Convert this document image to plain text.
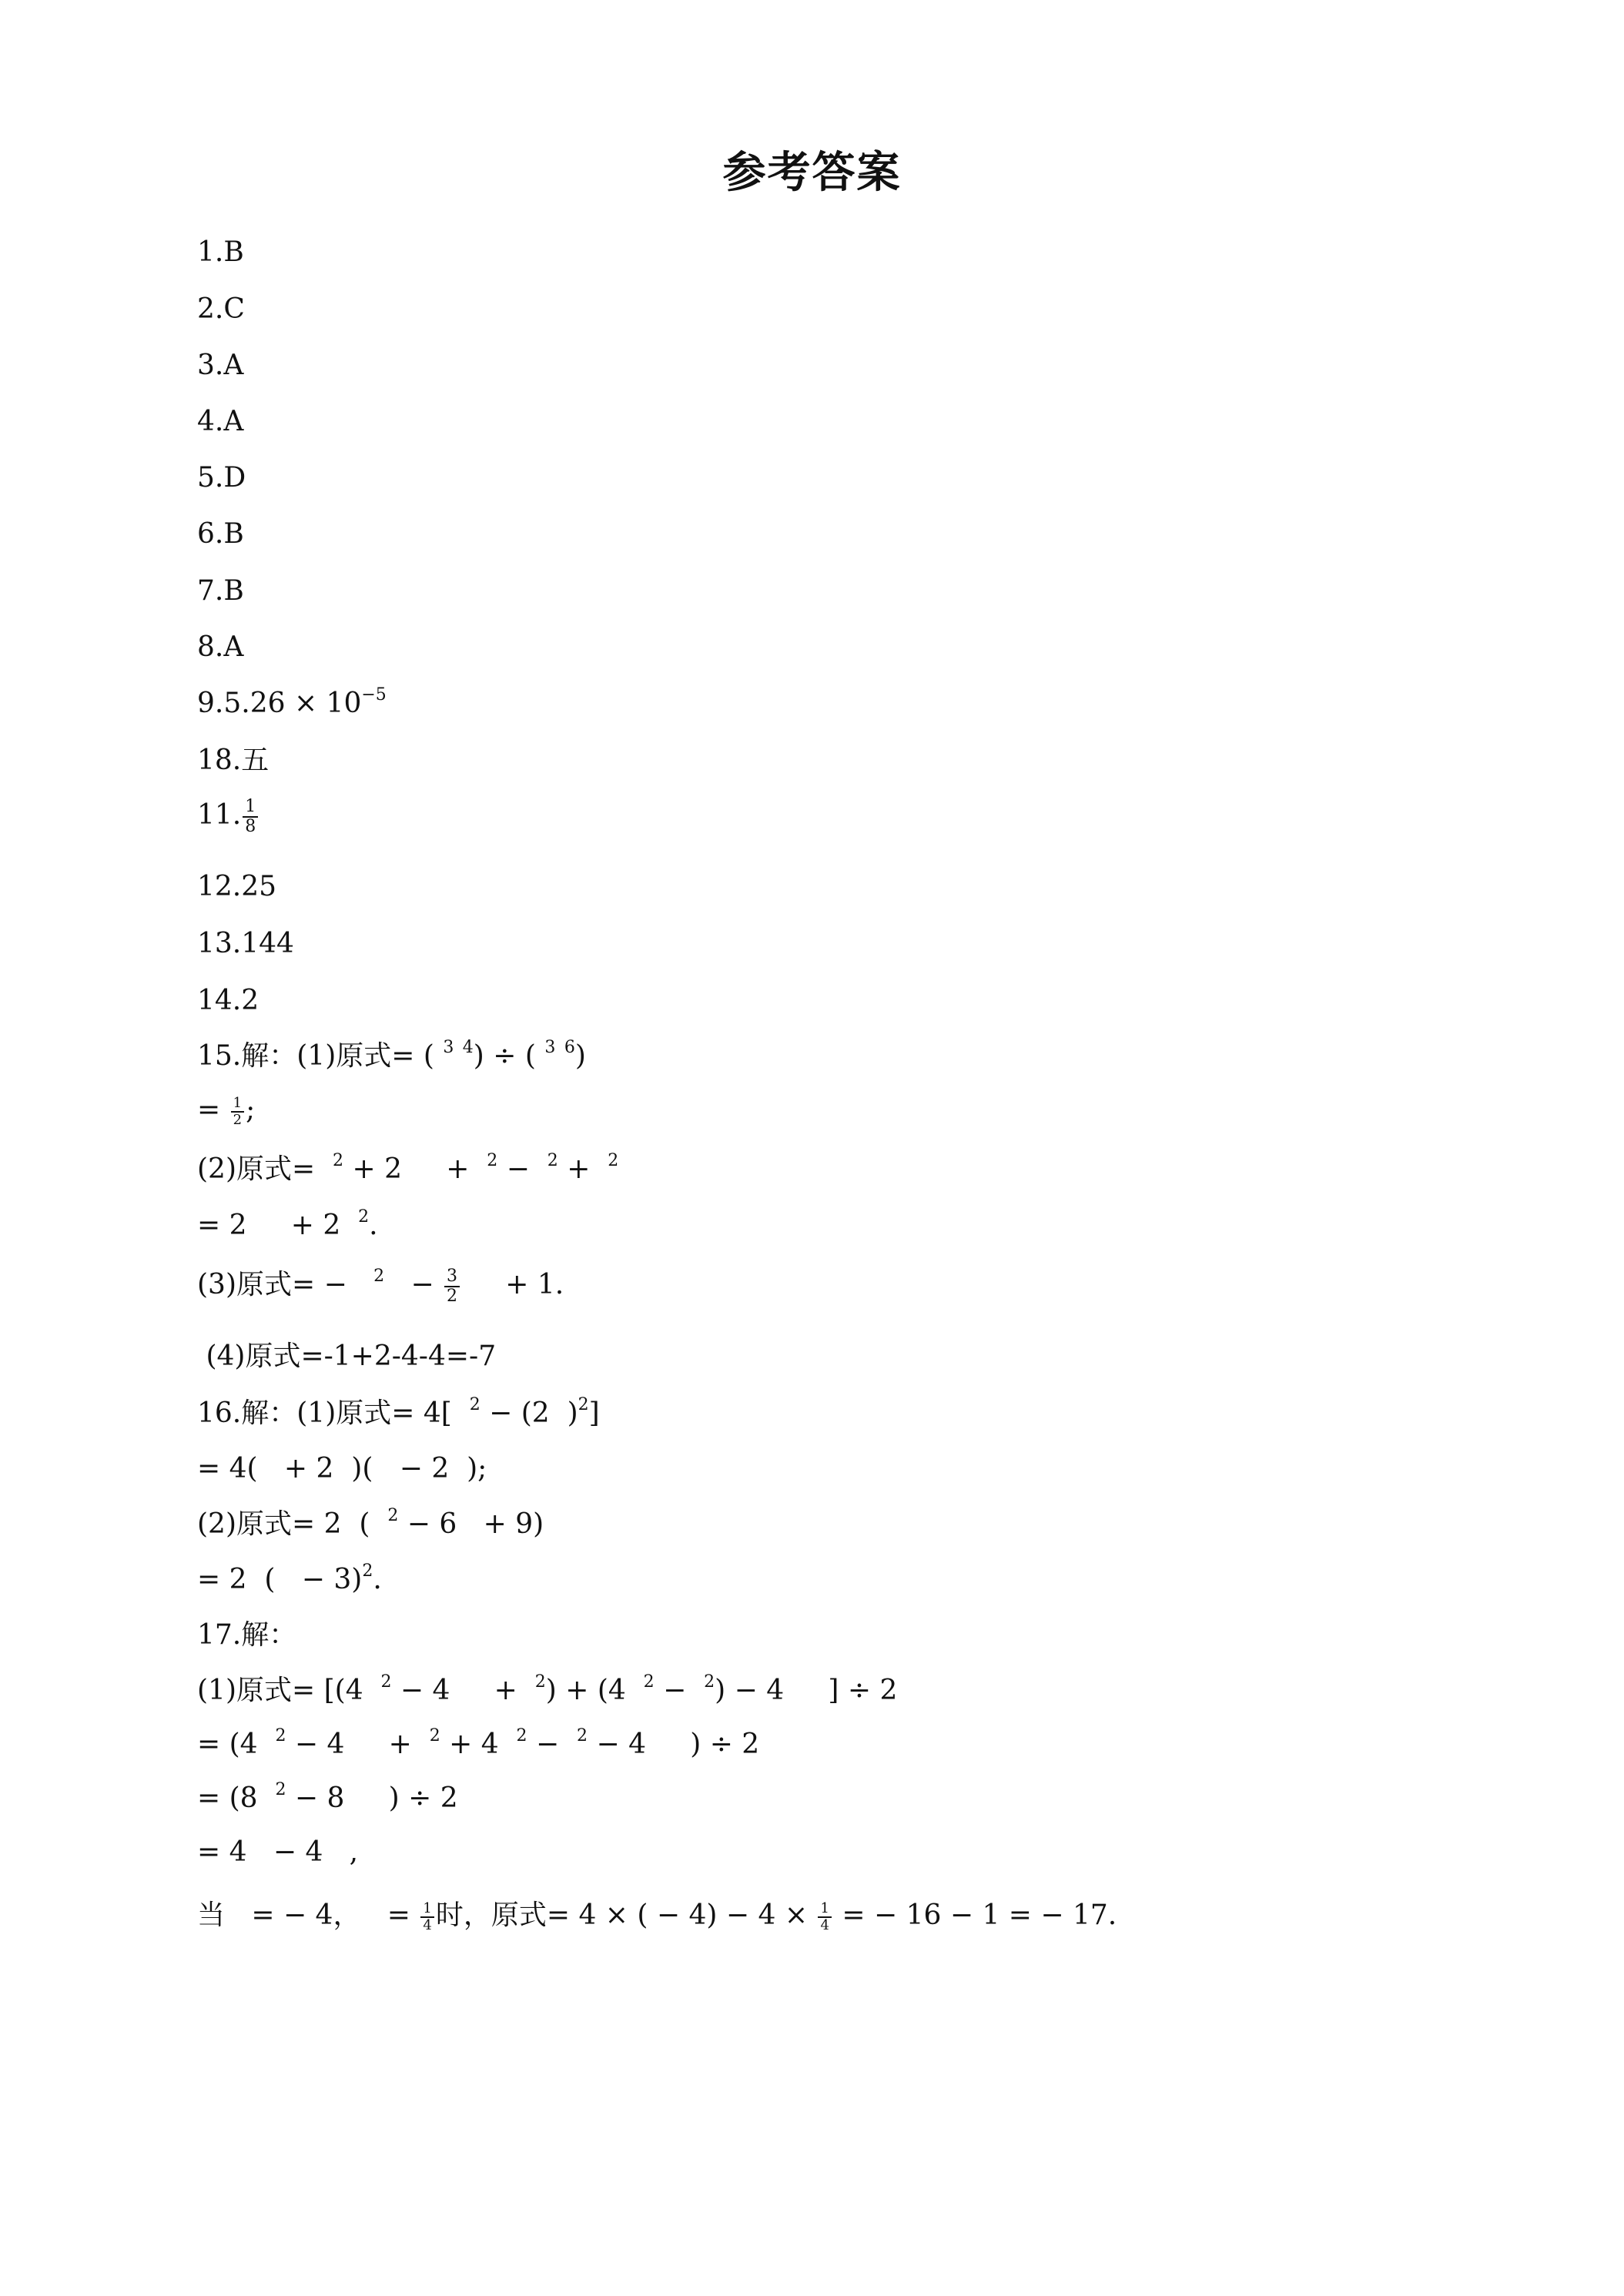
参考答案
1.B
2.C
3.A
4.A
5.D
6.B
7.B
8.A
$9.5.26 \times 10^{-5}$
18.五
11. $\frac{1}{8}$
12.25
13.144
14.2
15.解：(1)原式= ( $^3$ $^4$) ÷ ( $^3$ $^6$)
= $\frac{1}{2}$ ;
(2)原式=  $^2$ + 2     +  $^2$ −  $^2$ +  $^2$
= 2     + 2  $^2$.
(3)原式= −   $^2 - \frac{3}{2} + 1$.
(4)原式=-1+2-4-4=-7
16.解：(1)原式= 4[  $^2$ − (2  )$^2$]
= 4(   + 2  )(   − 2  );
(2)原式= 2  (  $^2$ − 6   + 9)
= 2  (   − 3)$^2$.
17.解：
(1)原式= [(4  $^2$ − 4     +  $^2$) + (4  $^2$ −  $^2$) − 4     ] ÷ 2
= (4  $^2$ − 4     +  $^2$ + 4  $^2$ −  $^2$ − 4     ) ÷ 2
= (8  $^2$ − 8     ) ÷ 2
= 4   − 4   ,
当   = − 4，   = $\frac{1}{4}$ 时，原式= 4 × ( − $4) - 4 \times \frac{1}{4}$ = − 16 − 1 = − 17.
